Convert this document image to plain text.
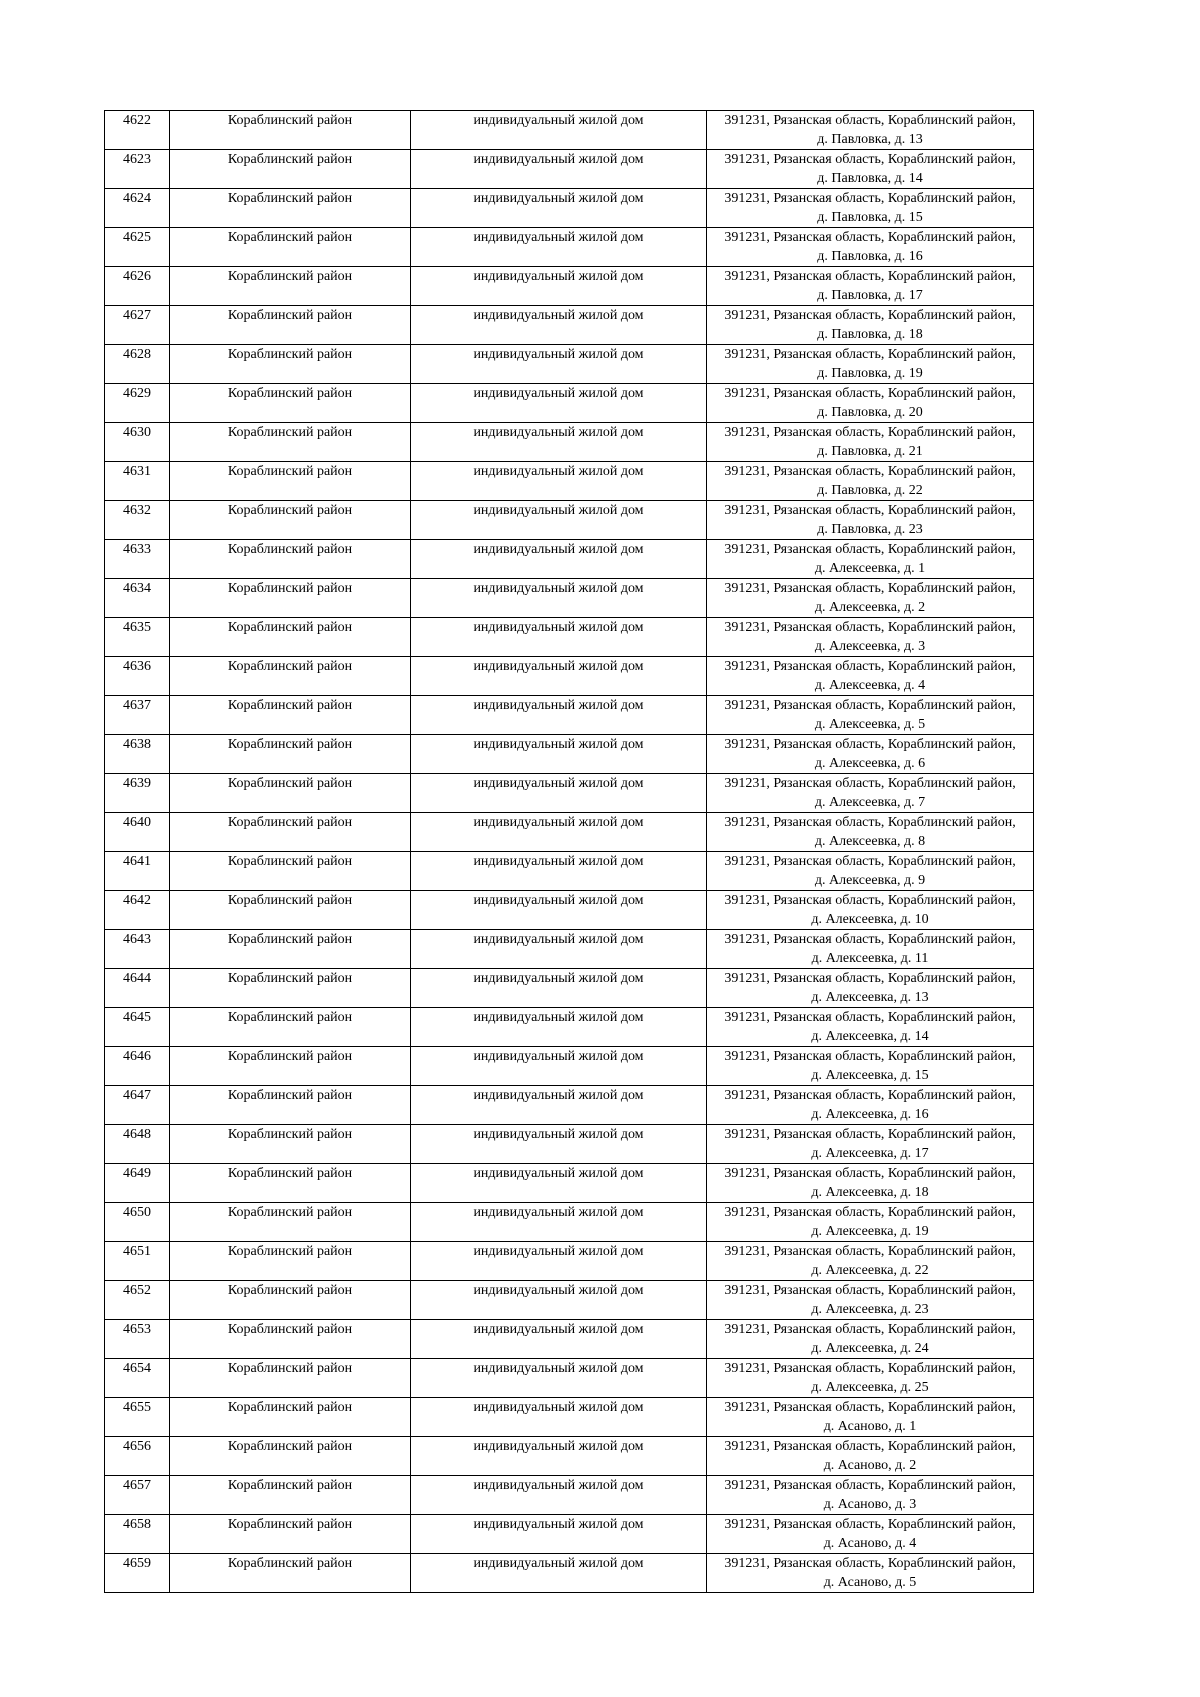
4622	Кораблинский район	индивидуальный жилой дом	391231, Рязанская область, Кораблинский район,
д. Павловка, д. 13

4623	Кораблинский район	индивидуальный жилой дом	391231, Рязанская область, Кораблинский район,
д. Павловка, д. 14

4624	Кораблинский район	индивидуальный жилой дом	391231, Рязанская область, Кораблинский район,
д. Павловка, д. 15

4625	Кораблинский район	индивидуальный жилой дом	391231, Рязанская область, Кораблинский район,
д. Павловка, д. 16

4626	Кораблинский район	индивидуальный жилой дом	391231, Рязанская область, Кораблинский район,
д. Павловка, д. 17

4627	Кораблинский район	индивидуальный жилой дом	391231, Рязанская область, Кораблинский район,
д. Павловка, д. 18

4628	Кораблинский район	индивидуальный жилой дом	391231, Рязанская область, Кораблинский район,
д. Павловка, д. 19

4629	Кораблинский район	индивидуальный жилой дом	391231, Рязанская область, Кораблинский район,
д. Павловка, д. 20

4630	Кораблинский район	индивидуальный жилой дом	391231, Рязанская область, Кораблинский район,
д. Павловка, д. 21

4631	Кораблинский район	индивидуальный жилой дом	391231, Рязанская область, Кораблинский район,
д. Павловка, д. 22

4632	Кораблинский район	индивидуальный жилой дом	391231, Рязанская область, Кораблинский район,
д. Павловка, д. 23

4633	Кораблинский район	индивидуальный жилой дом	391231, Рязанская область, Кораблинский район,
д. Алексеевка, д. 1

4634	Кораблинский район	индивидуальный жилой дом	391231, Рязанская область, Кораблинский район,
д. Алексеевка, д. 2

4635	Кораблинский район	индивидуальный жилой дом	391231, Рязанская область, Кораблинский район,
д. Алексеевка, д. 3

4636	Кораблинский район	индивидуальный жилой дом	391231, Рязанская область, Кораблинский район,
д. Алексеевка, д. 4

4637	Кораблинский район	индивидуальный жилой дом	391231, Рязанская область, Кораблинский район,
д. Алексеевка, д. 5

4638	Кораблинский район	индивидуальный жилой дом	391231, Рязанская область, Кораблинский район,
д. Алексеевка, д. 6

4639	Кораблинский район	индивидуальный жилой дом	391231, Рязанская область, Кораблинский район,
д. Алексеевка, д. 7

4640	Кораблинский район	индивидуальный жилой дом	391231, Рязанская область, Кораблинский район,
д. Алексеевка, д. 8

4641	Кораблинский район	индивидуальный жилой дом	391231, Рязанская область, Кораблинский район,
д. Алексеевка, д. 9

4642	Кораблинский район	индивидуальный жилой дом	391231, Рязанская область, Кораблинский район,
д. Алексеевка, д. 10

4643	Кораблинский район	индивидуальный жилой дом	391231, Рязанская область, Кораблинский район,
д. Алексеевка, д. 11

4644	Кораблинский район	индивидуальный жилой дом	391231, Рязанская область, Кораблинский район,
д. Алексеевка, д. 13

4645	Кораблинский район	индивидуальный жилой дом	391231, Рязанская область, Кораблинский район,
д. Алексеевка, д. 14

4646	Кораблинский район	индивидуальный жилой дом	391231, Рязанская область, Кораблинский район,
д. Алексеевка, д. 15

4647	Кораблинский район	индивидуальный жилой дом	391231, Рязанская область, Кораблинский район,
д. Алексеевка, д. 16

4648	Кораблинский район	индивидуальный жилой дом	391231, Рязанская область, Кораблинский район,
д. Алексеевка, д. 17

4649	Кораблинский район	индивидуальный жилой дом	391231, Рязанская область, Кораблинский район,
д. Алексеевка, д. 18

4650	Кораблинский район	индивидуальный жилой дом	391231, Рязанская область, Кораблинский район,
д. Алексеевка, д. 19

4651	Кораблинский район	индивидуальный жилой дом	391231, Рязанская область, Кораблинский район,
д. Алексеевка, д. 22

4652	Кораблинский район	индивидуальный жилой дом	391231, Рязанская область, Кораблинский район,
д. Алексеевка, д. 23

4653	Кораблинский район	индивидуальный жилой дом	391231, Рязанская область, Кораблинский район,
д. Алексеевка, д. 24

4654	Кораблинский район	индивидуальный жилой дом	391231, Рязанская область, Кораблинский район,
д. Алексеевка, д. 25

4655	Кораблинский район	индивидуальный жилой дом	391231, Рязанская область, Кораблинский район,
д. Асаново, д. 1

4656	Кораблинский район	индивидуальный жилой дом	391231, Рязанская область, Кораблинский район,
д. Асаново, д. 2

4657	Кораблинский район	индивидуальный жилой дом	391231, Рязанская область, Кораблинский район,
д. Асаново, д. 3

4658	Кораблинский район	индивидуальный жилой дом	391231, Рязанская область, Кораблинский район,
д. Асаново, д. 4

4659	Кораблинский район	индивидуальный жилой дом	391231, Рязанская область, Кораблинский район,
д. Асаново, д. 5
